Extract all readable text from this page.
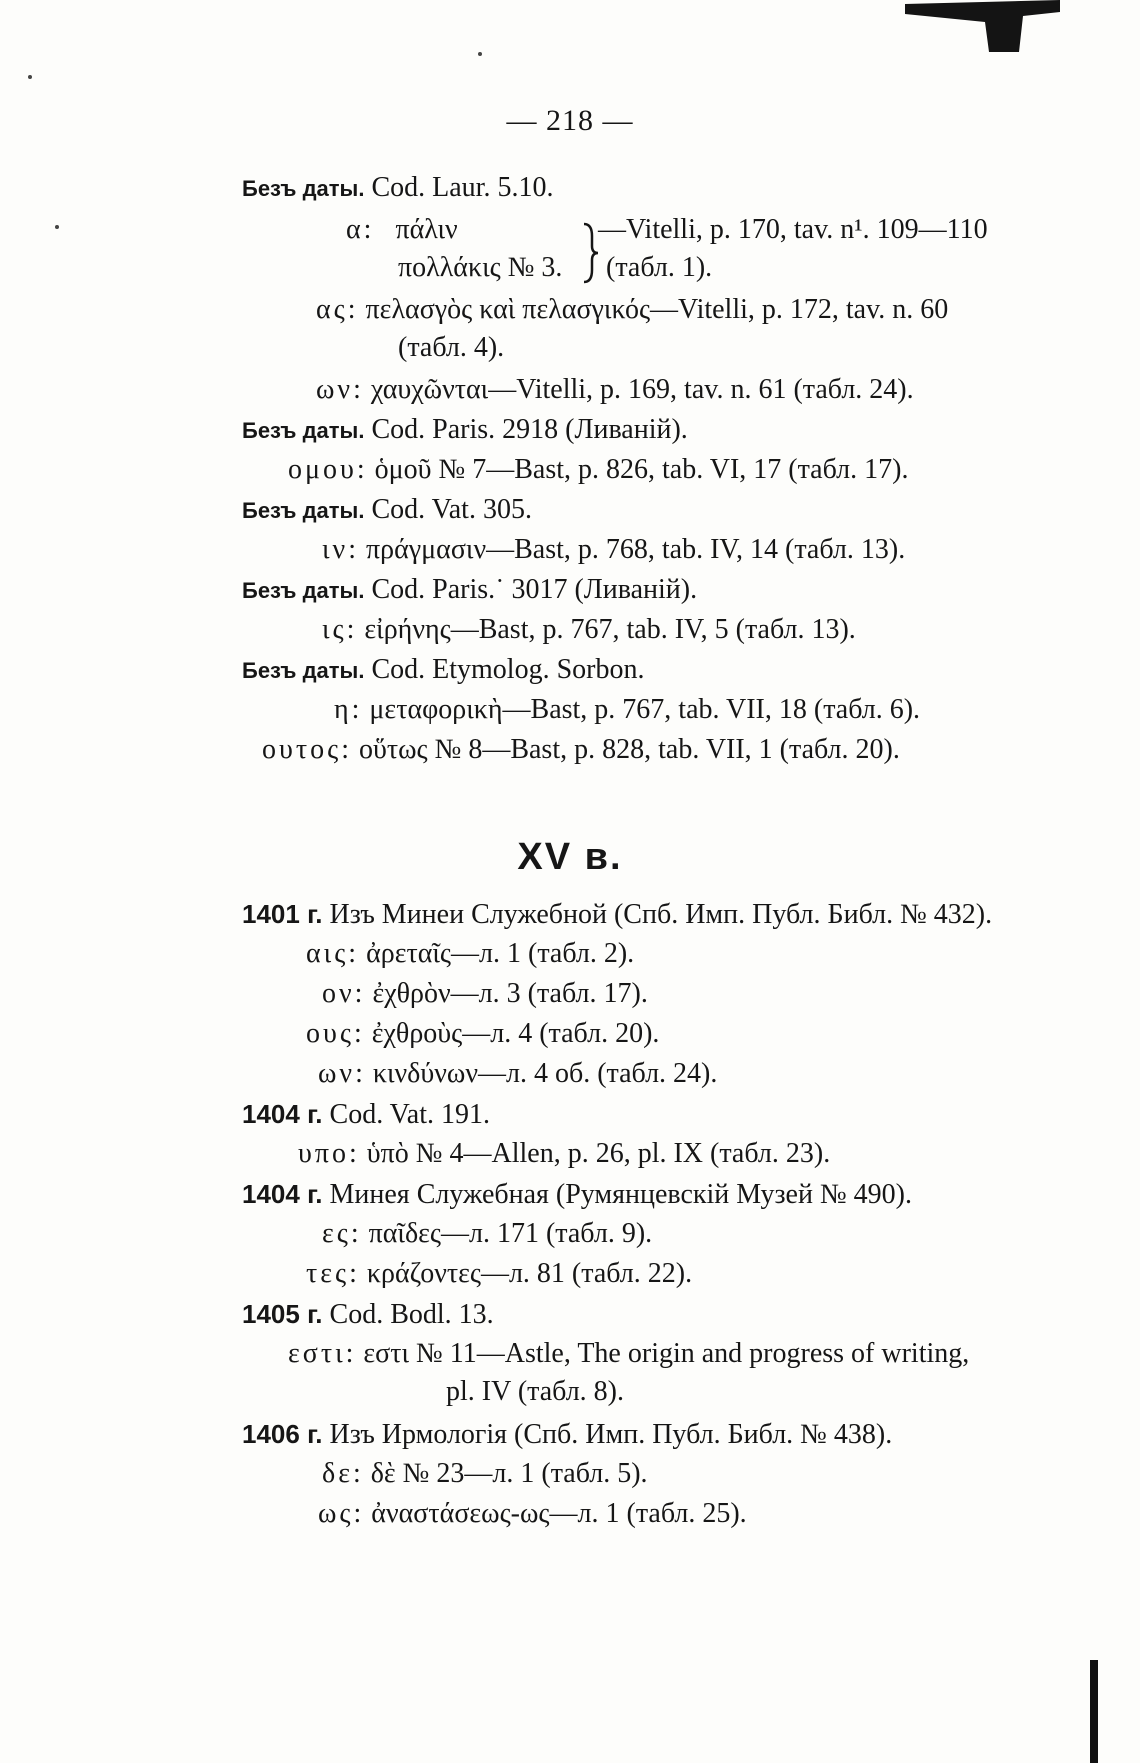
— 218 —
Безъ даты. Cod. Laur. 5.10.
α: πάλιν	—Vitelli, p. 170, tav. n¹. 109—110
πολλάκις № 3. (табл. 1).
ας: πελασγὸς καὶ πελασγικός—Vitelli, p. 172, tav. n. 60
(табл. 4).
ων: χαυχῶνται—Vitelli, p. 169, tav. n. 61 (табл. 24).
Безъ даты. Cod. Paris. 2918 (Ливаній).
ομου: ὁμοῦ № 7—Bast, p. 826, tab. VI, 17 (табл. 17).
Безъ даты. Cod. Vat. 305.
ιν: πράγμασιν—Bast, p. 768, tab. IV, 14 (табл. 13).
Безъ даты. Cod. Paris.˙ 3017 (Ливаній).
ις: εἰρήνης—Bast, p. 767, tab. IV, 5 (табл. 13).
Безъ даты. Cod. Etymolog. Sorbon.
η: μεταφορικὴ—Bast, p. 767, tab. VII, 18 (табл. 6).
ουτος: οὕτως № 8—Bast, p. 828, tab. VII, 1 (табл. 20).
XV в.
1401 г. Изъ Минеи Служебной (Спб. Имп. Публ. Библ. № 432).
αις: ἀρεταῖς—л. 1 (табл. 2).
ον: ἐχθρὸν—л. 3 (табл. 17).
ους: ἐχθροὺς—л. 4 (табл. 20).
ων: κινδύνων—л. 4 об. (табл. 24).
1404 г. Cod. Vat. 191.
υπο: ὑπὸ № 4—Allen, p. 26, pl. IX (табл. 23).
1404 г. Минея Служебная (Румянцевскій Музей № 490).
ες: παῖδες—л. 171 (табл. 9).
τες: κράζοντες—л. 81 (табл. 22).
1405 г. Cod. Bodl. 13.
εστι: εστι № 11—Astle, The origin and progress of writing,
pl. IV (табл. 8).
1406 г. Изъ Ирмологія (Спб. Имп. Публ. Библ. № 438).
δε: δὲ № 23—л. 1 (табл. 5).
ως: ἀναστάσεως-ως—л. 1 (табл. 25).
